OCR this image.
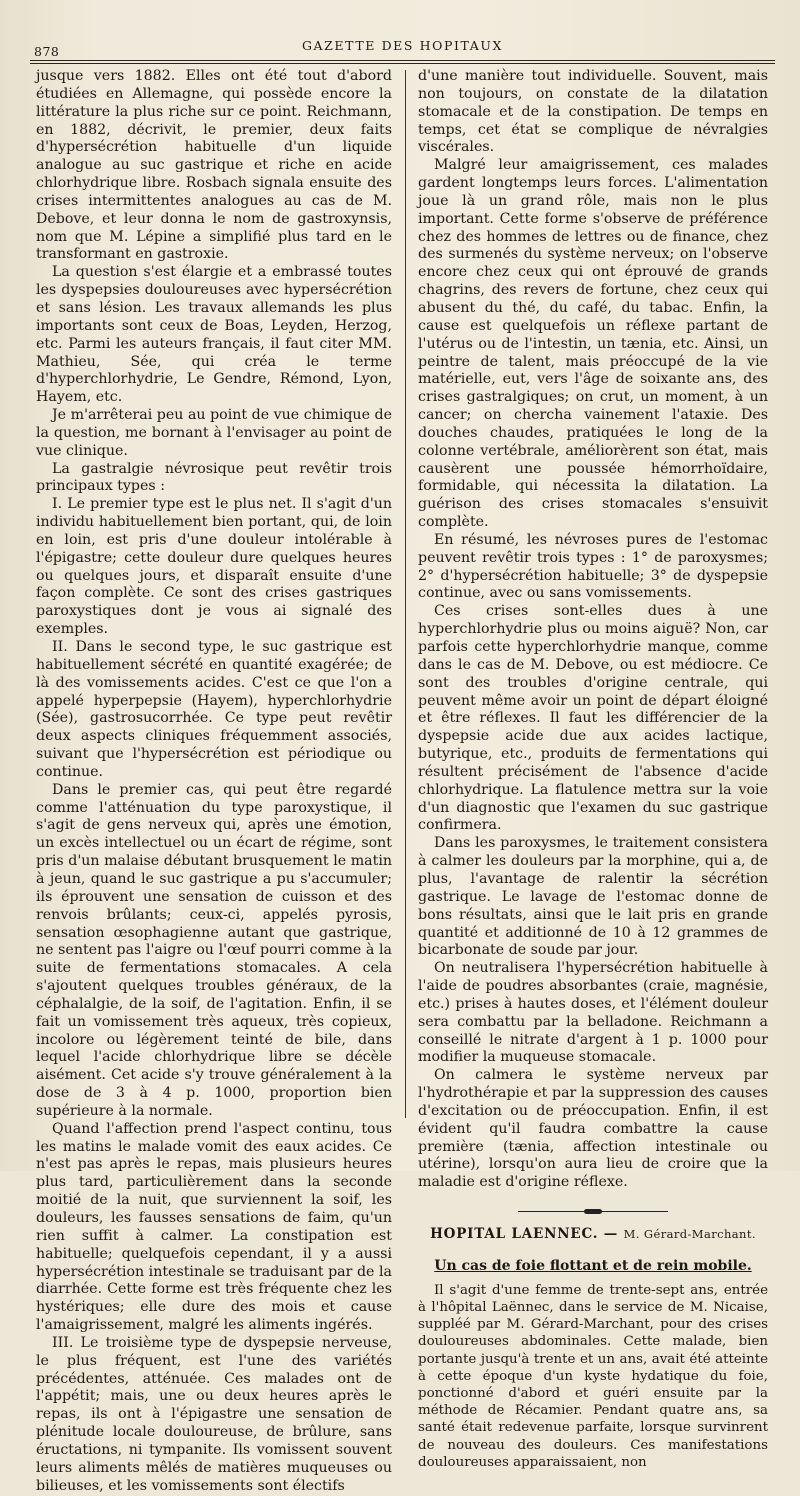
878	GAZETTE DES HOPITAUX

jusque vers 1882. Elles ont été tout d'abord étudiées en Allemagne, qui possède encore la littérature la plus riche sur ce point. Reichmann, en 1882, décrivit, le premier, deux faits d'hypersécrétion habituelle d'un liquide analogue au suc gastrique et riche en acide chlorhydrique libre. Rosbach signala ensuite des crises intermittentes analogues au cas de M. Debove, et leur donna le nom de gastroxynsis, nom que M. Lépine a simplifié plus tard en le transformant en gastroxie.

La question s'est élargie et a embrassé toutes les dyspepsies douloureuses avec hypersécrétion et sans lésion. Les travaux allemands les plus importants sont ceux de Boas, Leyden, Herzog, etc. Parmi les auteurs français, il faut citer MM. Mathieu, Sée, qui créa le terme d'hyperchlorhydrie, Le Gendre, Rémond, Lyon, Hayem, etc.

Je m'arrêterai peu au point de vue chimique de la question, me bornant à l'envisager au point de vue clinique.

La gastralgie névrosique peut revêtir trois principaux types :

I. Le premier type est le plus net. Il s'agit d'un individu habituellement bien portant, qui, de loin en loin, est pris d'une douleur intolérable à l'épigastre; cette douleur dure quelques heures ou quelques jours, et disparaît ensuite d'une façon complète. Ce sont des crises gastriques paroxystiques dont je vous ai signalé des exemples.

II. Dans le second type, le suc gastrique est habituellement sécrété en quantité exagérée; de là des vomissements acides. C'est ce que l'on a appelé hyperpepsie (Hayem), hyperchlorhydrie (Sée), gastrosucorrhée. Ce type peut revêtir deux aspects cliniques fréquemment associés, suivant que l'hypersécrétion est périodique ou continue.

Dans le premier cas, qui peut être regardé comme l'atténuation du type paroxystique, il s'agit de gens nerveux qui, après une émotion, un excès intellectuel ou un écart de régime, sont pris d'un malaise débutant brusquement le matin à jeun, quand le suc gastrique a pu s'accumuler; ils éprouvent une sensation de cuisson et des renvois brûlants; ceux-ci, appelés pyrosis, sensation œsophagienne autant que gastrique, ne sentent pas l'aigre ou l'œuf pourri comme à la suite de fermentations stomacales. A cela s'ajoutent quelques troubles généraux, de la céphalalgie, de la soif, de l'agitation. Enfin, il se fait un vomissement très aqueux, très copieux, incolore ou légèrement teinté de bile, dans lequel l'acide chlorhydrique libre se décèle aisément. Cet acide s'y trouve généralement à la dose de 3 à 4 p. 1000, proportion bien supérieure à la normale.

Quand l'affection prend l'aspect continu, tous les matins le malade vomit des eaux acides. Ce n'est pas après le repas, mais plusieurs heures plus tard, particulièrement dans la seconde moitié de la nuit, que surviennent la soif, les douleurs, les fausses sensations de faim, qu'un rien suffit à calmer. La constipation est habituelle; quelquefois cependant, il y a aussi hypersécrétion intestinale se traduisant par de la diarrhée. Cette forme est très fréquente chez les hystériques; elle dure des mois et cause l'amaigrissement, malgré les aliments ingérés.

III. Le troisième type de dyspepsie nerveuse, le plus fréquent, est l'une des variétés précédentes, atténuée. Ces malades ont de l'appétit; mais, une ou deux heures après le repas, ils ont à l'épigastre une sensation de plénitude locale douloureuse, de brûlure, sans éructations, ni tympanite. Ils vomissent souvent leurs aliments mêlés de matières muqueuses ou bilieuses, et les vomissements sont électifs

d'une manière tout individuelle. Souvent, mais non toujours, on constate de la dilatation stomacale et de la constipation. De temps en temps, cet état se complique de névralgies viscérales.

Malgré leur amaigrissement, ces malades gardent longtemps leurs forces. L'alimentation joue là un grand rôle, mais non le plus important. Cette forme s'observe de préférence chez des hommes de lettres ou de finance, chez des surmenés du système nerveux; on l'observe encore chez ceux qui ont éprouvé de grands chagrins, des revers de fortune, chez ceux qui abusent du thé, du café, du tabac. Enfin, la cause est quelquefois un réflexe partant de l'utérus ou de l'intestin, un tænia, etc. Ainsi, un peintre de talent, mais préoccupé de la vie matérielle, eut, vers l'âge de soixante ans, des crises gastralgiques; on crut, un moment, à un cancer; on chercha vainement l'ataxie. Des douches chaudes, pratiquées le long de la colonne vertébrale, améliorèrent son état, mais causèrent une poussée hémorrhoïdaire, formidable, qui nécessita la dilatation. La guérison des crises stomacales s'ensuivit complète.

En résumé, les névroses pures de l'estomac peuvent revêtir trois types : 1° de paroxysmes; 2° d'hypersécrétion habituelle; 3° de dyspepsie continue, avec ou sans vomissements.

Ces crises sont-elles dues à une hyperchlorhydrie plus ou moins aiguë? Non, car parfois cette hyperchlorhydrie manque, comme dans le cas de M. Debove, ou est médiocre. Ce sont des troubles d'origine centrale, qui peuvent même avoir un point de départ éloigné et être réflexes. Il faut les différencier de la dyspepsie acide due aux acides lactique, butyrique, etc., produits de fermentations qui résultent précisément de l'absence d'acide chlorhydrique. La flatulence mettra sur la voie d'un diagnostic que l'examen du suc gastrique confirmera.

Dans les paroxysmes, le traitement consistera à calmer les douleurs par la morphine, qui a, de plus, l'avantage de ralentir la sécrétion gastrique. Le lavage de l'estomac donne de bons résultats, ainsi que le lait pris en grande quantité et additionné de 10 à 12 grammes de bicarbonate de soude par jour.

On neutralisera l'hypersécrétion habituelle à l'aide de poudres absorbantes (craie, magnésie, etc.) prises à hautes doses, et l'élément douleur sera combattu par la belladone. Reichmann a conseillé le nitrate d'argent à 1 p. 1000 pour modifier la muqueuse stomacale.

On calmera le système nerveux par l'hydrothérapie et par la suppression des causes d'excitation ou de préoccupation. Enfin, il est évident qu'il faudra combattre la cause première (tænia, affection intestinale ou utérine), lorsqu'on aura lieu de croire que la maladie est d'origine réflexe.

HOPITAL LAENNEC. — M. Gérard-Marchant.
Un cas de foie flottant et de rein mobile.

Il s'agit d'une femme de trente-sept ans, entrée à l'hôpital Laënnec, dans le service de M. Nicaise, suppléé par M. Gérard-Marchant, pour des crises douloureuses abdominales. Cette malade, bien portante jusqu'à trente et un ans, avait été atteinte à cette époque d'un kyste hydatique du foie, ponctionné d'abord et guéri ensuite par la méthode de Récamier. Pendant quatre ans, sa santé était redevenue parfaite, lorsque survinrent de nouveau des douleurs. Ces manifestations douloureuses apparaissaient, non
